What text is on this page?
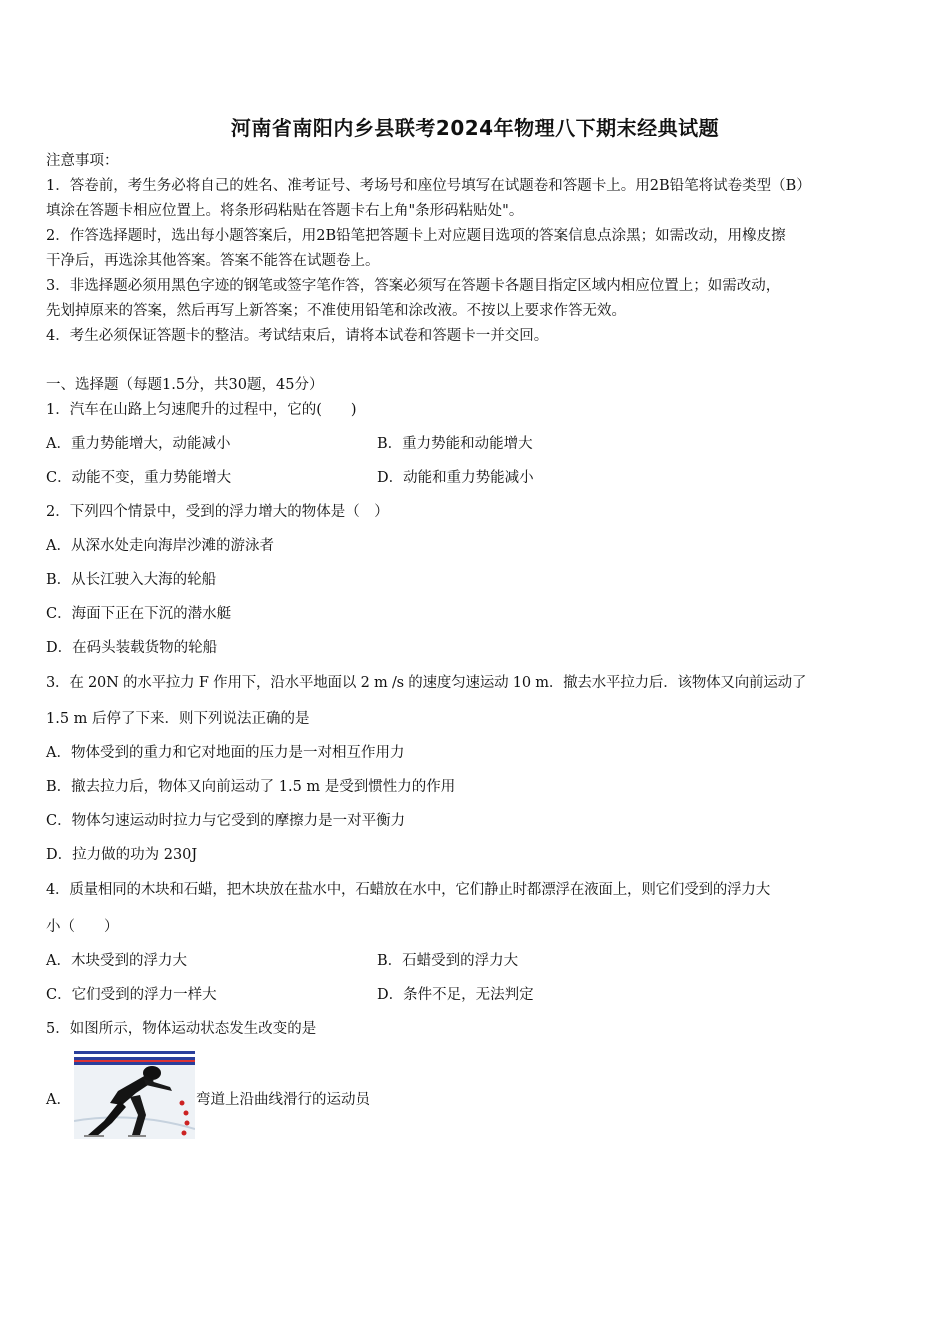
河南省南阳内乡县联考2024年物理八下期末经典试题
注意事项：
1．答卷前，考生务必将自己的姓名、准考证号、考场号和座位号填写在试题卷和答题卡上。用2B铅笔将试卷类型（B）
填涂在答题卡相应位置上。将条形码粘贴在答题卡右上角"条形码粘贴处"。
2．作答选择题时，选出每小题答案后，用2B铅笔把答题卡上对应题目选项的答案信息点涂黑；如需改动，用橡皮擦
干净后，再选涂其他答案。答案不能答在试题卷上。
3．非选择题必须用黑色字迹的钢笔或签字笔作答，答案必须写在答题卡各题目指定区域内相应位置上；如需改动，
先划掉原来的答案，然后再写上新答案；不准使用铅笔和涂改液。不按以上要求作答无效。
4．考生必须保证答题卡的整洁。考试结束后，请将本试卷和答题卡一并交回。
一、选择题（每题1.5分，共30题，45分）
1．汽车在山路上匀速爬升的过程中，它的(　　)
A．重力势能增大，动能减小	B．重力势能和动能增大
C．动能不变，重力势能增大	D．动能和重力势能减小
2．下列四个情景中，受到的浮力增大的物体是（　）
A．从深水处走向海岸沙滩的游泳者
B．从长江驶入大海的轮船
C．海面下正在下沉的潜水艇
D．在码头装载货物的轮船
3．在 20N 的水平拉力 F 作用下，沿水平地面以 2 m /s 的速度匀速运动 10 m．撤去水平拉力后．该物体又向前运动了
1.5 m 后停了下来．则下列说法正确的是
A．物体受到的重力和它对地面的压力是一对相互作用力
B．撤去拉力后，物体又向前运动了 1.5 m 是受到惯性力的作用
C．物体匀速运动时拉力与它受到的摩擦力是一对平衡力
D．拉力做的功为 230J
4．质量相同的木块和石蜡，把木块放在盐水中，石蜡放在水中，它们静止时都漂浮在液面上，则它们受到的浮力大
小（　　）
A．木块受到的浮力大	B．石蜡受到的浮力大
C．它们受到的浮力一样大	D．条件不足，无法判定
5．如图所示，物体运动状态发生改变的是
A．	弯道上沿曲线滑行的运动员
